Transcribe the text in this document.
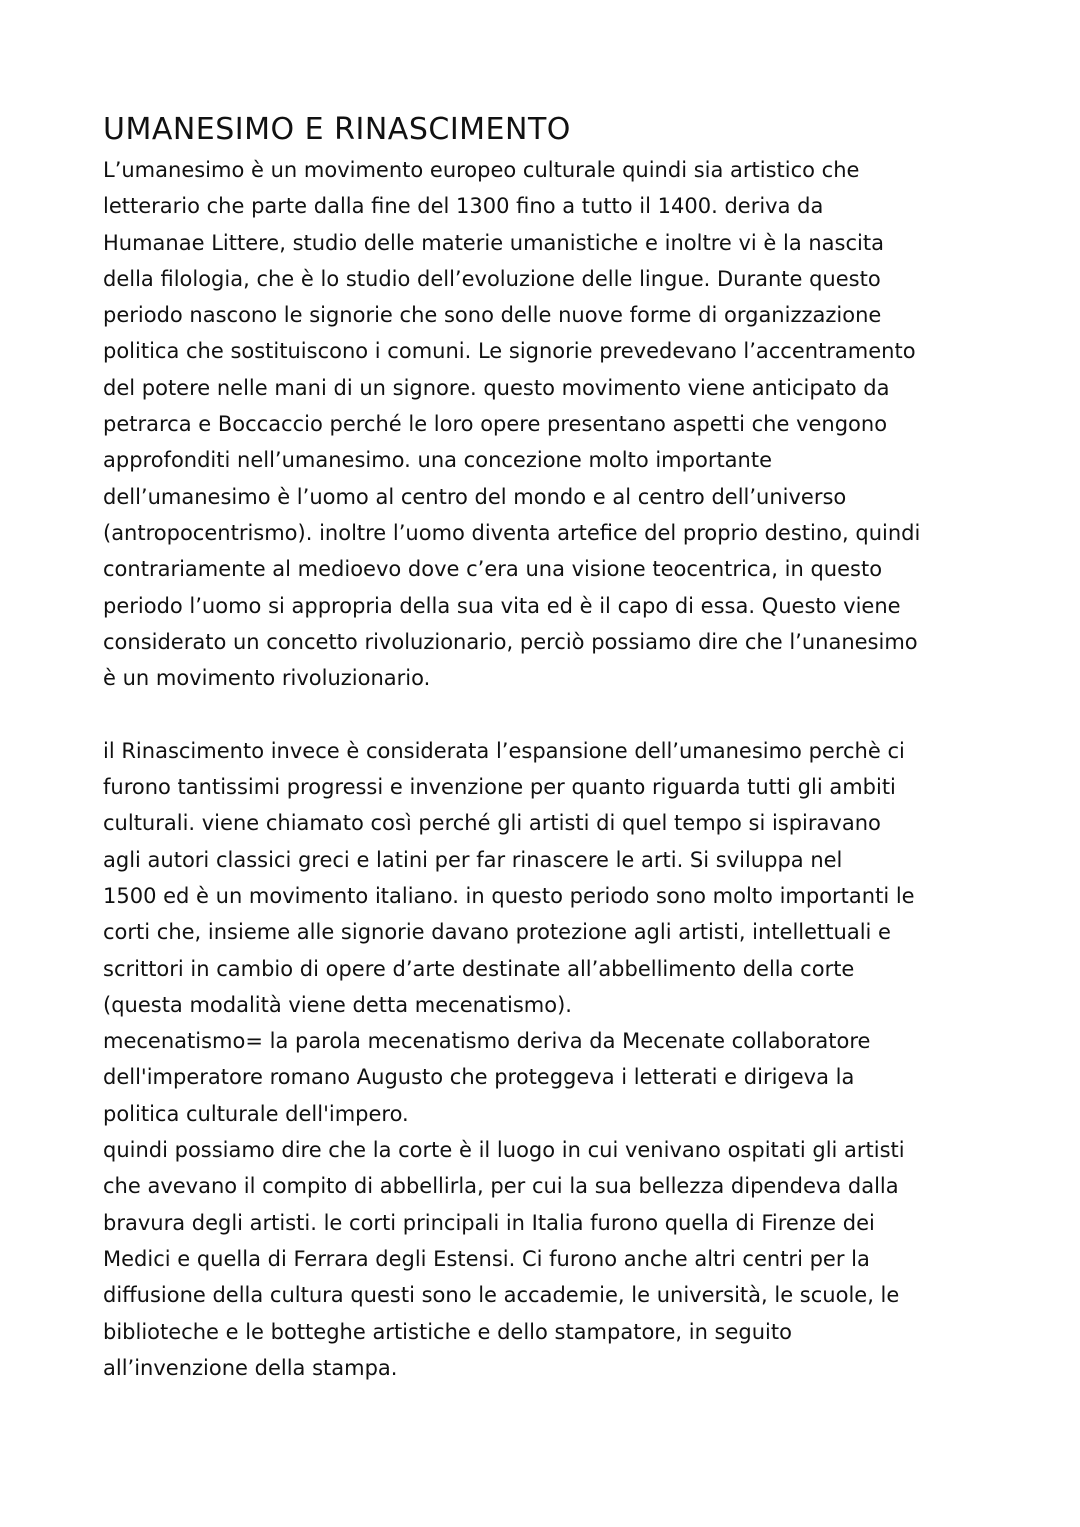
UMANESIMO E RINASCIMENTO

L’umanesimo è un movimento europeo culturale quindi sia artistico che
letterario che parte dalla fine del 1300 fino a tutto il 1400. deriva da
Humanae Littere, studio delle materie umanistiche e inoltre vi è la nascita
della filologia, che è lo studio dell’evoluzione delle lingue. Durante questo
periodo nascono le signorie che sono delle nuove forme di organizzazione
politica che sostituiscono i comuni. Le signorie prevedevano l’accentramento
del potere nelle mani di un signore. questo movimento viene anticipato da
petrarca e Boccaccio perché le loro opere presentano aspetti che vengono
approfonditi nell’umanesimo. una concezione molto importante
dell’umanesimo è l’uomo al centro del mondo e al centro dell’universo
(antropocentrismo). inoltre l’uomo diventa artefice del proprio destino, quindi
contrariamente al medioevo dove c’era una visione teocentrica, in questo
periodo l’uomo si appropria della sua vita ed è il capo di essa. Questo viene
considerato un concetto rivoluzionario, perciò possiamo dire che l’unanesimo
è un movimento rivoluzionario.

il Rinascimento invece è considerata l’espansione dell’umanesimo perchè ci
furono tantissimi progressi e invenzione per quanto riguarda tutti gli ambiti
culturali. viene chiamato così perché gli artisti di quel tempo si ispiravano
agli autori classici greci e latini per far rinascere le arti. Si sviluppa nel
1500 ed è un movimento italiano. in questo periodo sono molto importanti le
corti che, insieme alle signorie davano protezione agli artisti, intellettuali e
scrittori in cambio di opere d’arte destinate all’abbellimento della corte
(questa modalità viene detta mecenatismo).
mecenatismo= la parola mecenatismo deriva da Mecenate collaboratore
dell'imperatore romano Augusto che proteggeva i letterati e dirigeva la
politica culturale dell'impero.
quindi possiamo dire che la corte è il luogo in cui venivano ospitati gli artisti
che avevano il compito di abbellirla, per cui la sua bellezza dipendeva dalla
bravura degli artisti. le corti principali in Italia furono quella di Firenze dei
Medici e quella di Ferrara degli Estensi. Ci furono anche altri centri per la
diffusione della cultura questi sono le accademie, le università, le scuole, le
biblioteche e le botteghe artistiche e dello stampatore, in seguito
all’invenzione della stampa.
